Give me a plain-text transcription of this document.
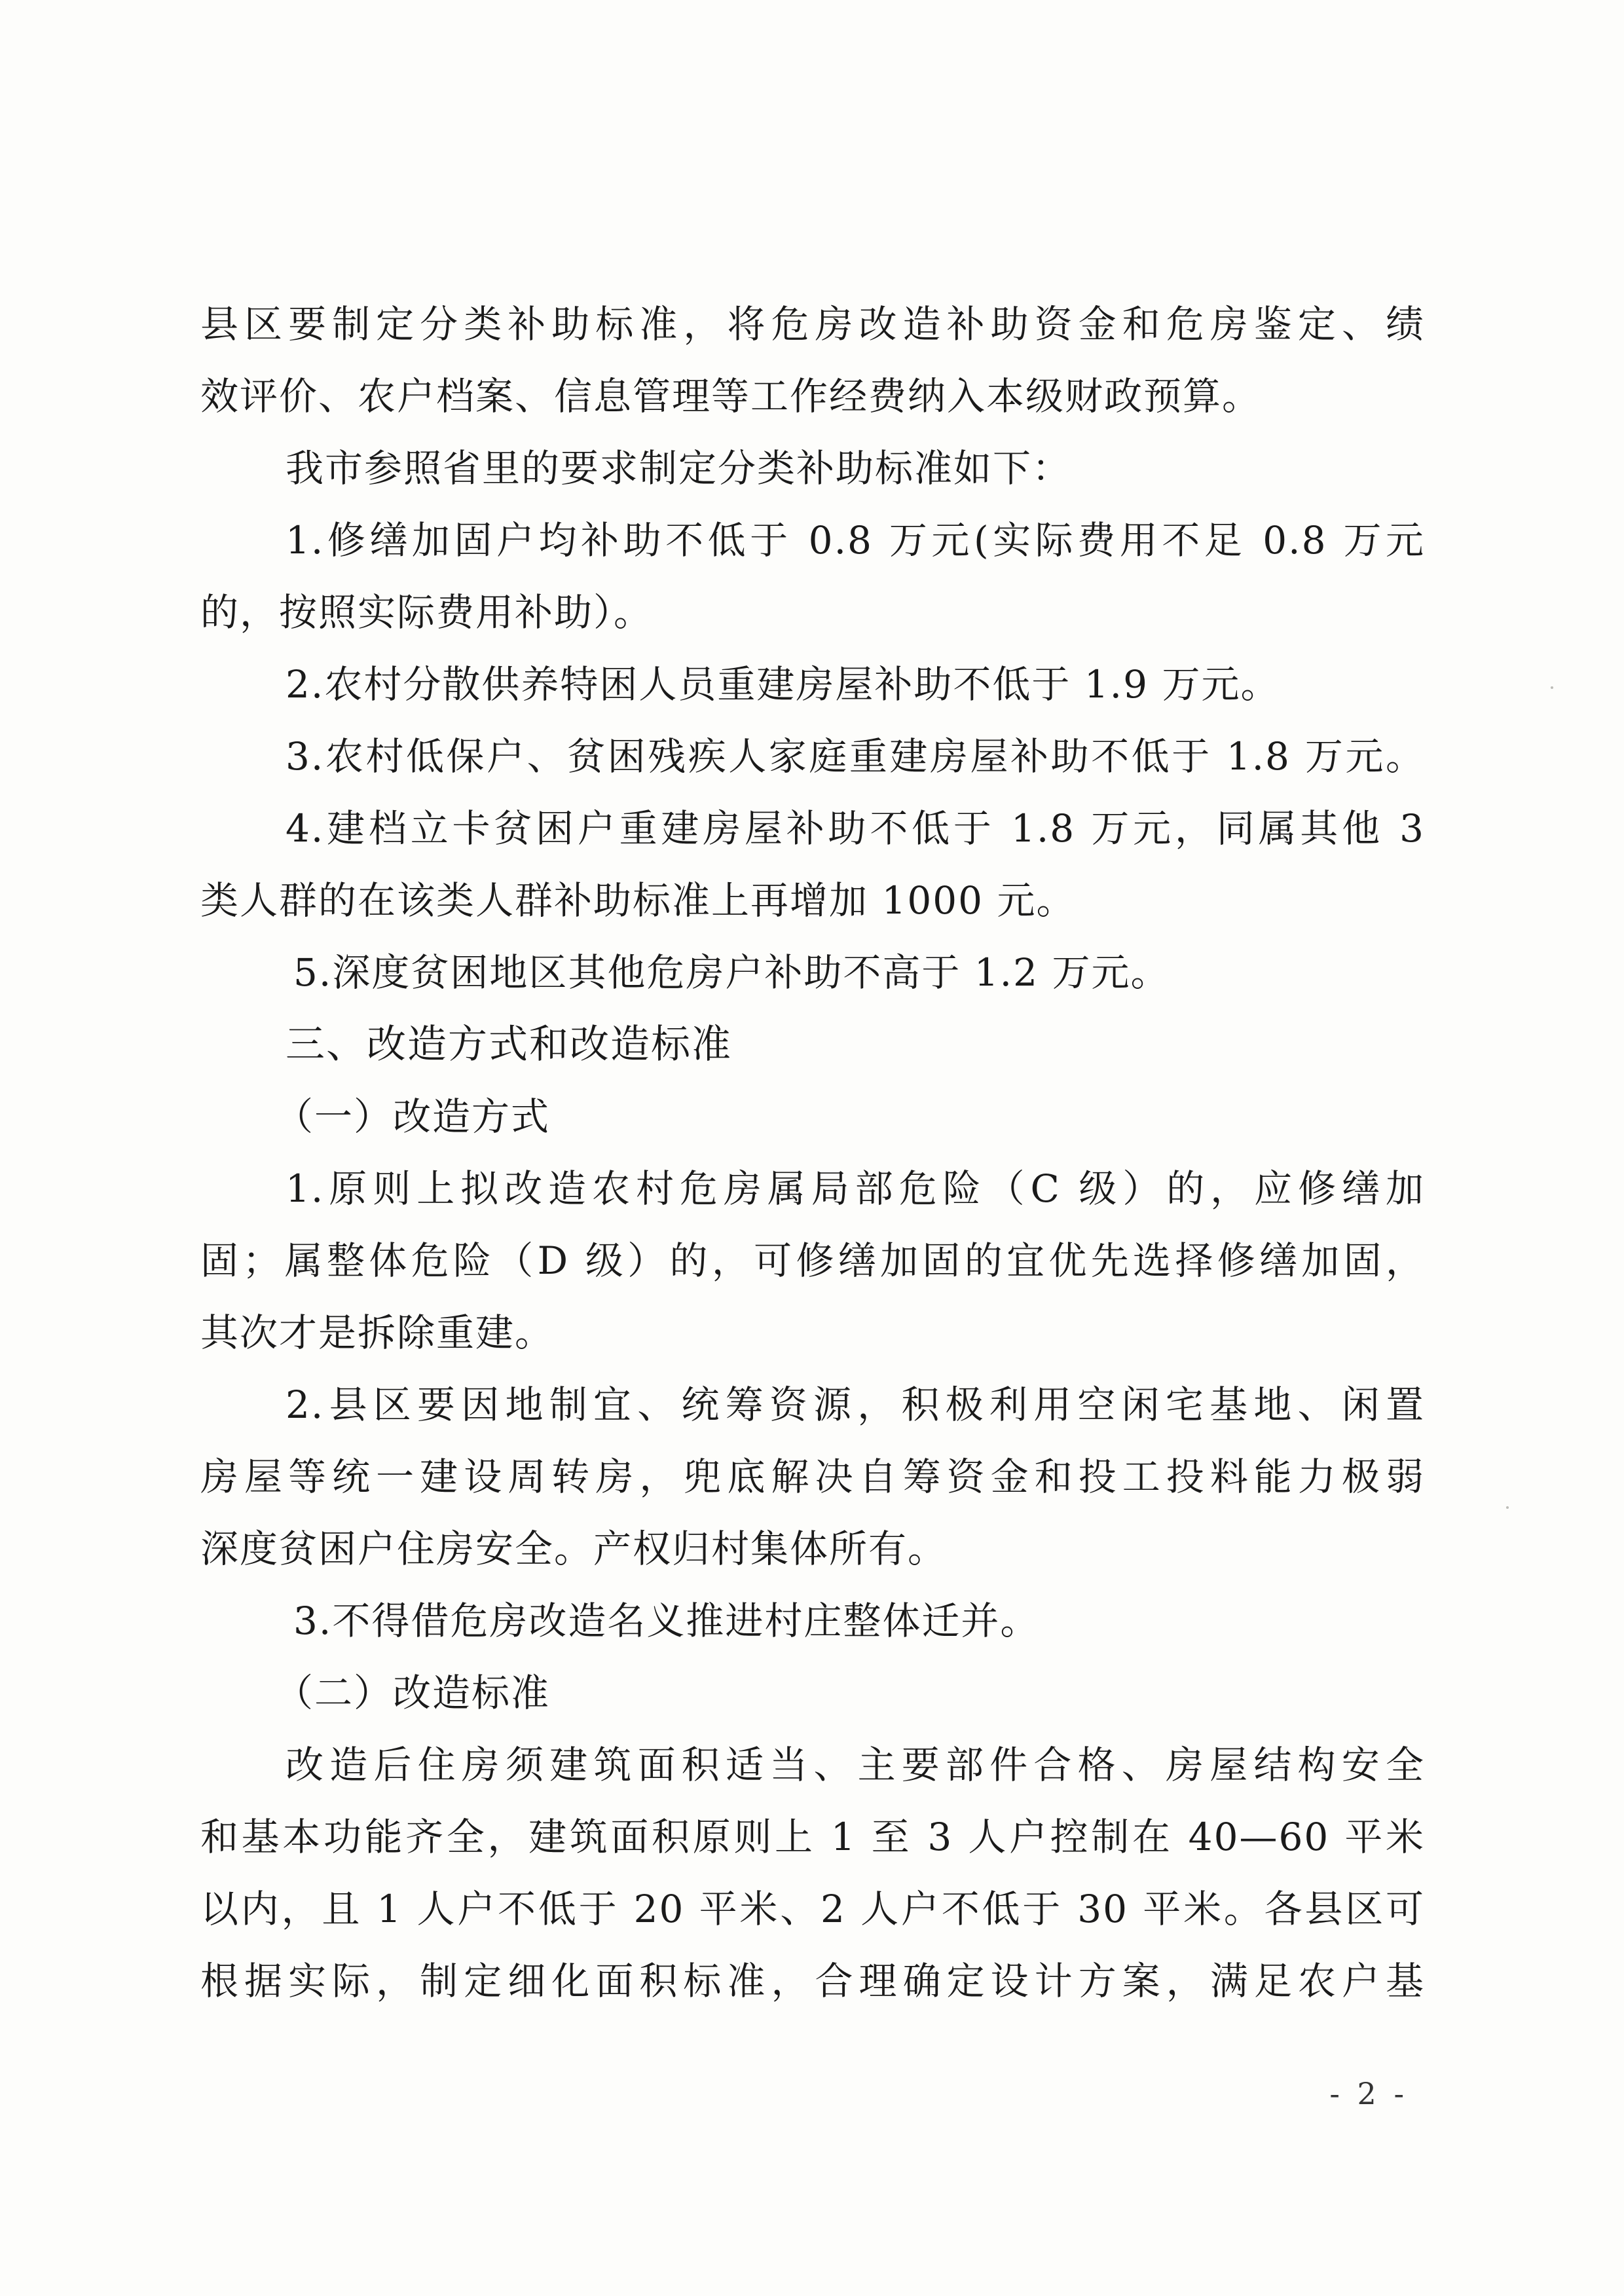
县区要制定分类补助标准，将危房改造补助资金和危房鉴定、绩
效评价、农户档案、信息管理等工作经费纳入本级财政预算。
我市参照省里的要求制定分类补助标准如下：
1.修缮加固户均补助不低于 0.8 万元(实际费用不足 0.8 万元
的，按照实际费用补助）。
2.农村分散供养特困人员重建房屋补助不低于 1.9 万元。
3.农村低保户、贫困残疾人家庭重建房屋补助不低于 1.8 万元。
4.建档立卡贫困户重建房屋补助不低于 1.8 万元，同属其他 3
类人群的在该类人群补助标准上再增加 1000 元。
5.深度贫困地区其他危房户补助不高于 1.2 万元。
三、改造方式和改造标准
（一）改造方式
1.原则上拟改造农村危房属局部危险（C 级）的，应修缮加
固；属整体危险（D 级）的，可修缮加固的宜优先选择修缮加固，
其次才是拆除重建。
2.县区要因地制宜、统筹资源，积极利用空闲宅基地、闲置
房屋等统一建设周转房，兜底解决自筹资金和投工投料能力极弱
深度贫困户住房安全。产权归村集体所有。
3.不得借危房改造名义推进村庄整体迁并。
（二）改造标准
改造后住房须建筑面积适当、主要部件合格、房屋结构安全
和基本功能齐全，建筑面积原则上 1 至 3 人户控制在 40—60 平米
以内，且 1 人户不低于 20 平米、2 人户不低于 30 平米。各县区可
根据实际，制定细化面积标准，合理确定设计方案，满足农户基
- 2 -
